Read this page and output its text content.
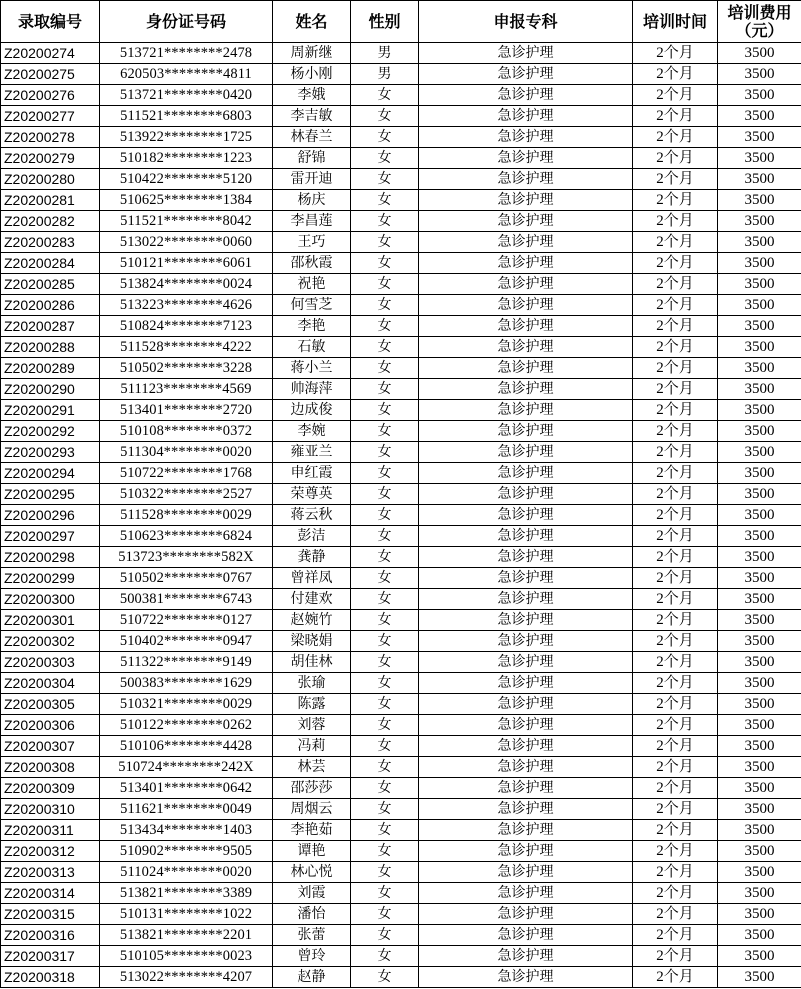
录取编号	身份证号码	姓名	性别	申报专科	培训时间	培训费用
（元）
Z20200274	513721********2478	周新继	男	急诊护理	2个月	3500
Z20200275	620503********4811	杨小刚	男	急诊护理	2个月	3500
Z20200276	513721********0420	李娥	女	急诊护理	2个月	3500
Z20200277	511521********6803	李吉敏	女	急诊护理	2个月	3500
Z20200278	513922********1725	林春兰	女	急诊护理	2个月	3500
Z20200279	510182********1223	舒锦	女	急诊护理	2个月	3500
Z20200280	510422********5120	雷开迪	女	急诊护理	2个月	3500
Z20200281	510625********1384	杨庆	女	急诊护理	2个月	3500
Z20200282	511521********8042	李昌莲	女	急诊护理	2个月	3500
Z20200283	513022********0060	王巧	女	急诊护理	2个月	3500
Z20200284	510121********6061	邵秋霞	女	急诊护理	2个月	3500
Z20200285	513824********0024	祝艳	女	急诊护理	2个月	3500
Z20200286	513223********4626	何雪芝	女	急诊护理	2个月	3500
Z20200287	510824********7123	李艳	女	急诊护理	2个月	3500
Z20200288	511528********4222	石敏	女	急诊护理	2个月	3500
Z20200289	510502********3228	蒋小兰	女	急诊护理	2个月	3500
Z20200290	511123********4569	帅海萍	女	急诊护理	2个月	3500
Z20200291	513401********2720	边成俊	女	急诊护理	2个月	3500
Z20200292	510108********0372	李婉	女	急诊护理	2个月	3500
Z20200293	511304********0020	雍亚兰	女	急诊护理	2个月	3500
Z20200294	510722********1768	申红霞	女	急诊护理	2个月	3500
Z20200295	510322********2527	荣尊英	女	急诊护理	2个月	3500
Z20200296	511528********0029	蒋云秋	女	急诊护理	2个月	3500
Z20200297	510623********6824	彭洁	女	急诊护理	2个月	3500
Z20200298	513723********582X	龚静	女	急诊护理	2个月	3500
Z20200299	510502********0767	曾祥凤	女	急诊护理	2个月	3500
Z20200300	500381********6743	付建欢	女	急诊护理	2个月	3500
Z20200301	510722********0127	赵婉竹	女	急诊护理	2个月	3500
Z20200302	510402********0947	梁晓娟	女	急诊护理	2个月	3500
Z20200303	511322********9149	胡佳林	女	急诊护理	2个月	3500
Z20200304	500383********1629	张瑜	女	急诊护理	2个月	3500
Z20200305	510321********0029	陈露	女	急诊护理	2个月	3500
Z20200306	510122********0262	刘蓉	女	急诊护理	2个月	3500
Z20200307	510106********4428	冯莉	女	急诊护理	2个月	3500
Z20200308	510724********242X	林芸	女	急诊护理	2个月	3500
Z20200309	513401********0642	邵莎莎	女	急诊护理	2个月	3500
Z20200310	511621********0049	周烟云	女	急诊护理	2个月	3500
Z20200311	513434********1403	李艳茹	女	急诊护理	2个月	3500
Z20200312	510902********9505	谭艳	女	急诊护理	2个月	3500
Z20200313	511024********0020	林心悦	女	急诊护理	2个月	3500
Z20200314	513821********3389	刘霞	女	急诊护理	2个月	3500
Z20200315	510131********1022	潘怡	女	急诊护理	2个月	3500
Z20200316	513821********2201	张蕾	女	急诊护理	2个月	3500
Z20200317	510105********0023	曾玲	女	急诊护理	2个月	3500
Z20200318	513022********4207	赵静	女	急诊护理	2个月	3500
